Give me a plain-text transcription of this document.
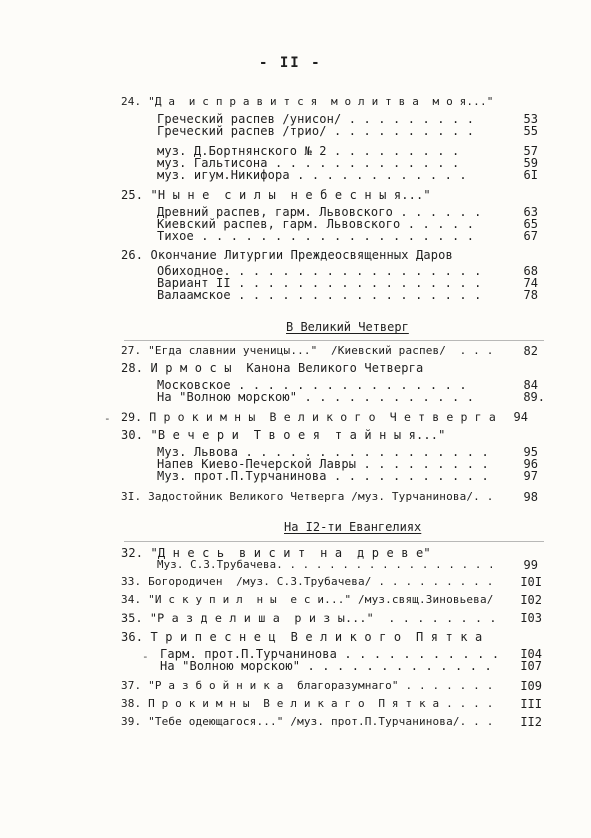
- II -
24. "Д а  и с п р а в и т с я  м о л и т в а  м о я..."
Греческий распев /унисон/ . . . . . . . . .	53
Греческий распев /трио/ . . . . . . . . . .	55
муз. Д.Бортнянского № 2 . . . . . . . . .	57
муз. Гальтисона . . . . . . . . . . . . .	59
муз. игум.Никифора . . . . . . . . . . . .	6I
25. "Н ы н е  с и л ы  н е б е с н ы я..."
Древний распев, гарм. Львовского . . . . . .	63
Киевский распев, гарм. Львовского . . . . .	65
Тихое . . . . . . . . . . . . . . . . . . .	67
26. Окончание Литургии Преждеосвященных Даров
Обиходное. . . . . . . . . . . . . . . . . .	68
Вариант II . . . . . . . . . . . . . . . . .	74
Валаамское . . . . . . . . . . . . . . . . .	78
В Великий Четверг
27. "Егда славнии ученицы..."  /Киевский распев/  . . .	82
28. И р м о с ы  Канона Великого Четверга
Московское . . . . . . . . . . . . . . . .	84
На "Волною морскою" . . . . . . . . . . . .	89.
- 29. П р о к и м н ы  В е л и к о г о  Ч е т в е р г а	94
30. "В е ч е р и  Т в о е я  т а й н ы я..."
Муз. Львова . . . . . . . . . . . . . . . . .	95
Напев Киево-Печерской Лавры . . . . . . . . .	96
Муз. прот.П.Турчанинова . . . . . . . . . . .	97
3I. Задостойник Великого Четверга /муз. Турчанинова/. .	98
На I2-ти Евангелиях
32. "Д н е с ь  в и с и т  н а  д р е в е"
Муз. С.З.Трубачева. . . . . . . . . . . . . . . . .	99
33. Богородичен  /муз. С.З.Трубачева/ . . . . . . . . .	I0I
34. "И с к у п и л  н ы  е с и..." /муз.свящ.Зиновьева/	I02
35. "Р а з д е л и ш а  р и з ы..."  . . . . . . . .	I03
36. Т р и п е с н е ц  В е л и к о г о  П я т к а
- Гарм. прот.П.Турчанинова . . . . . . . . . . .	I04
На "Волною морскою" . . . . . . . . . . . . .	I07
37. "Р а з б о й н и к а  благоразумнаго" . . . . . . .	I09
38. П р о к и м н ы  В е л и к а г о  П я т к а . . . .	III
39. "Тебе одеющагося..." /муз. прот.П.Турчанинова/. . .	II2
